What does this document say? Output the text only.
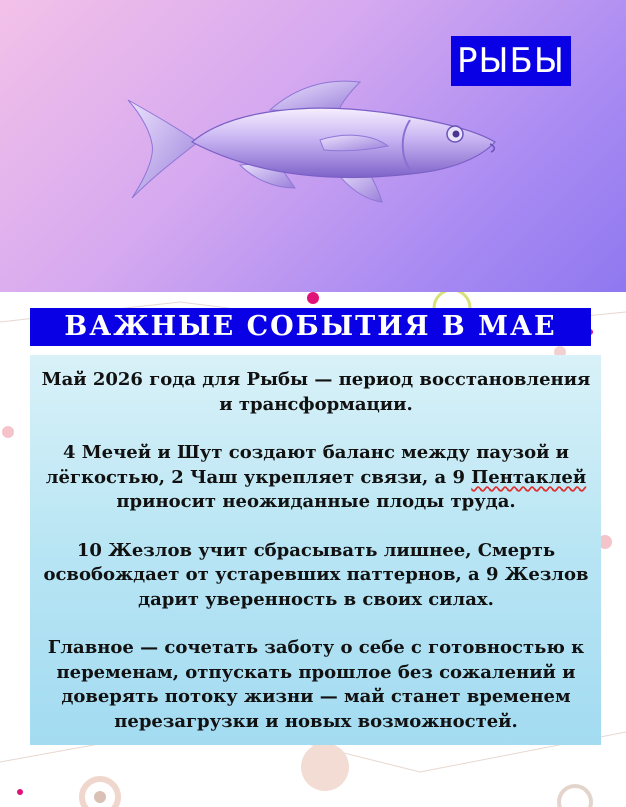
РЫБЫ
ВАЖНЫЕ СОБЫТИЯ В МАЕ

Май 2026 года для Рыбы — период восстановления и трансформации.

4 Мечей и Шут создают баланс между паузой и лёгкостью, 2 Чаш укрепляет связи, а 9 Пентаклей приносит неожиданные плоды труда.

10 Жезлов учит сбрасывать лишнее, Смерть освобождает от устаревших паттернов, а 9 Жезлов дарит уверенность в своих силах.

Главное — сочетать заботу о себе с готовностью к переменам, отпускать прошлое без сожалений и доверять потоку жизни — май станет временем перезагрузки и новых возможностей.
